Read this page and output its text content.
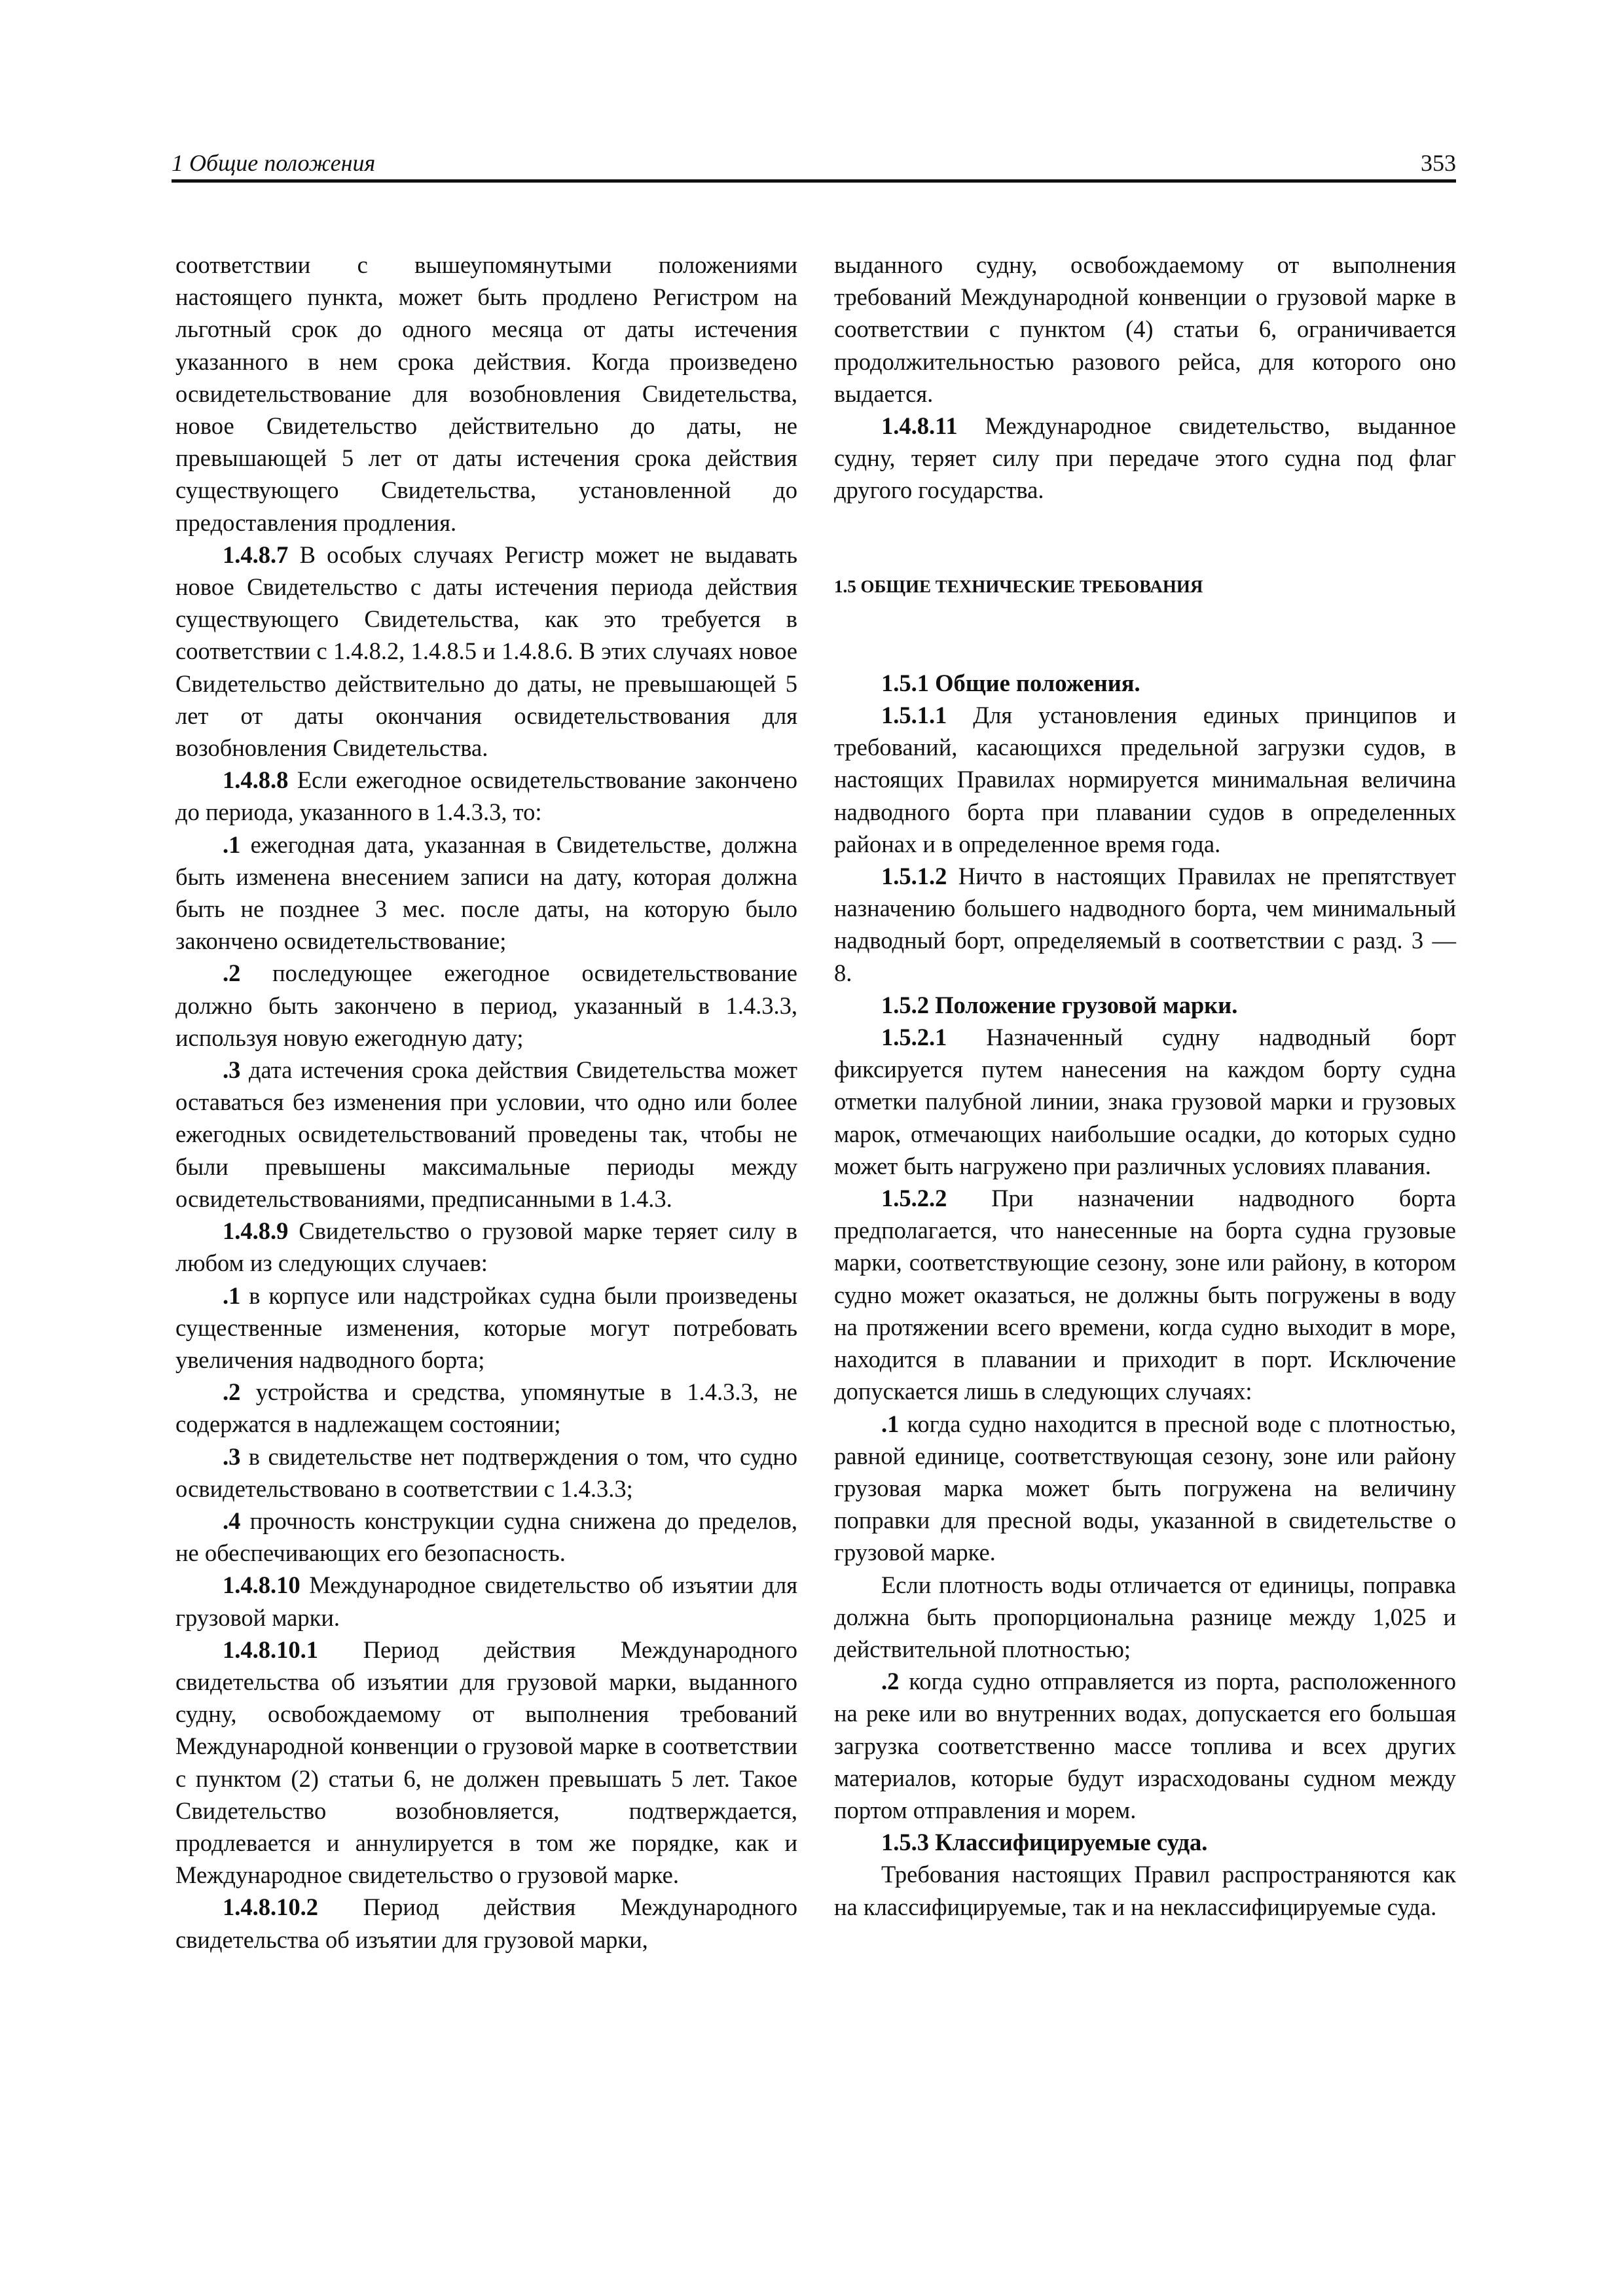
1 Общие положения	353

соответствии с вышеупомянутыми положениями настоящего пункта, может быть продлено Регистром на льготный срок до одного месяца от даты истечения указанного в нем срока действия. Когда произведено освидетельствование для возобновления Свидетельства, новое Свидетельство действительно до даты, не превышающей 5 лет от даты истечения срока действия существующего Свидетельства, установленной до предоставления продления.

1.4.8.7 В особых случаях Регистр может не выдавать новое Свидетельство с даты истечения периода действия существующего Свидетельства, как это требуется в соответствии с 1.4.8.2, 1.4.8.5 и 1.4.8.6. В этих случаях новое Свидетельство действительно до даты, не превышающей 5 лет от даты окончания освидетельствования для возобновления Свидетельства.

1.4.8.8 Если ежегодное освидетельствование закончено до периода, указанного в 1.4.3.3, то:

.1 ежегодная дата, указанная в Свидетельстве, должна быть изменена внесением записи на дату, которая должна быть не позднее 3 мес. после даты, на которую было закончено освидетельствование;

.2 последующее ежегодное освидетельствование должно быть закончено в период, указанный в 1.4.3.3, используя новую ежегодную дату;

.3 дата истечения срока действия Свидетельства может оставаться без изменения при условии, что одно или более ежегодных освидетельствований проведены так, чтобы не были превышены максимальные периоды между освидетельствованиями, предписанными в 1.4.3.

1.4.8.9 Свидетельство о грузовой марке теряет силу в любом из следующих случаев:

.1 в корпусе или надстройках судна были произведены существенные изменения, которые могут потребовать увеличения надводного борта;

.2 устройства и средства, упомянутые в 1.4.3.3, не содержатся в надлежащем состоянии;

.3 в свидетельстве нет подтверждения о том, что судно освидетельствовано в соответствии с 1.4.3.3;

.4 прочность конструкции судна снижена до пределов, не обеспечивающих его безопасность.

1.4.8.10 Международное свидетельство об изъятии для грузовой марки.

1.4.8.10.1 Период действия Международного свидетельства об изъятии для грузовой марки, выданного судну, освобождаемому от выполнения требований Международной конвенции о грузовой марке в соответствии с пунктом (2) статьи 6, не должен превышать 5 лет. Такое Свидетельство возобновляется, подтверждается, продлевается и аннулируется в том же порядке, как и Международное свидетельство о грузовой марке.

1.4.8.10.2 Период действия Международного свидетельства об изъятии для грузовой марки,

выданного судну, освобождаемому от выполнения требований Международной конвенции о грузовой марке в соответствии с пунктом (4) статьи 6, ограничивается продолжительностью разового рейса, для которого оно выдается.

1.4.8.11 Международное свидетельство, выданное судну, теряет силу при передаче этого судна под флаг другого государства.

1.5 ОБЩИЕ ТЕХНИЧЕСКИЕ ТРЕБОВАНИЯ

1.5.1 Общие положения.

1.5.1.1 Для установления единых принципов и требований, касающихся предельной загрузки судов, в настоящих Правилах нормируется минимальная величина надводного борта при плавании судов в определенных районах и в определенное время года.

1.5.1.2 Ничто в настоящих Правилах не препятствует назначению большего надводного борта, чем минимальный надводный борт, определяемый в соответствии с разд. 3 — 8.

1.5.2 Положение грузовой марки.

1.5.2.1 Назначенный судну надводный борт фиксируется путем нанесения на каждом борту судна отметки палубной линии, знака грузовой марки и грузовых марок, отмечающих наибольшие осадки, до которых судно может быть нагружено при различных условиях плавания.

1.5.2.2 При назначении надводного борта предполагается, что нанесенные на борта судна грузовые марки, соответствующие сезону, зоне или району, в котором судно может оказаться, не должны быть погружены в воду на протяжении всего времени, когда судно выходит в море, находится в плавании и приходит в порт. Исключение допускается лишь в следующих случаях:

.1 когда судно находится в пресной воде с плотностью, равной единице, соответствующая сезону, зоне или району грузовая марка может быть погружена на величину поправки для пресной воды, указанной в свидетельстве о грузовой марке.

Если плотность воды отличается от единицы, поправка должна быть пропорциональна разнице между 1,025 и действительной плотностью;

.2 когда судно отправляется из порта, расположенного на реке или во внутренних водах, допускается его большая загрузка соответственно массе топлива и всех других материалов, которые будут израсходованы судном между портом отправления и морем.

1.5.3 Классифицируемые суда.

Требования настоящих Правил распространяются как на классифицируемые, так и на неклассифицируемые суда.
